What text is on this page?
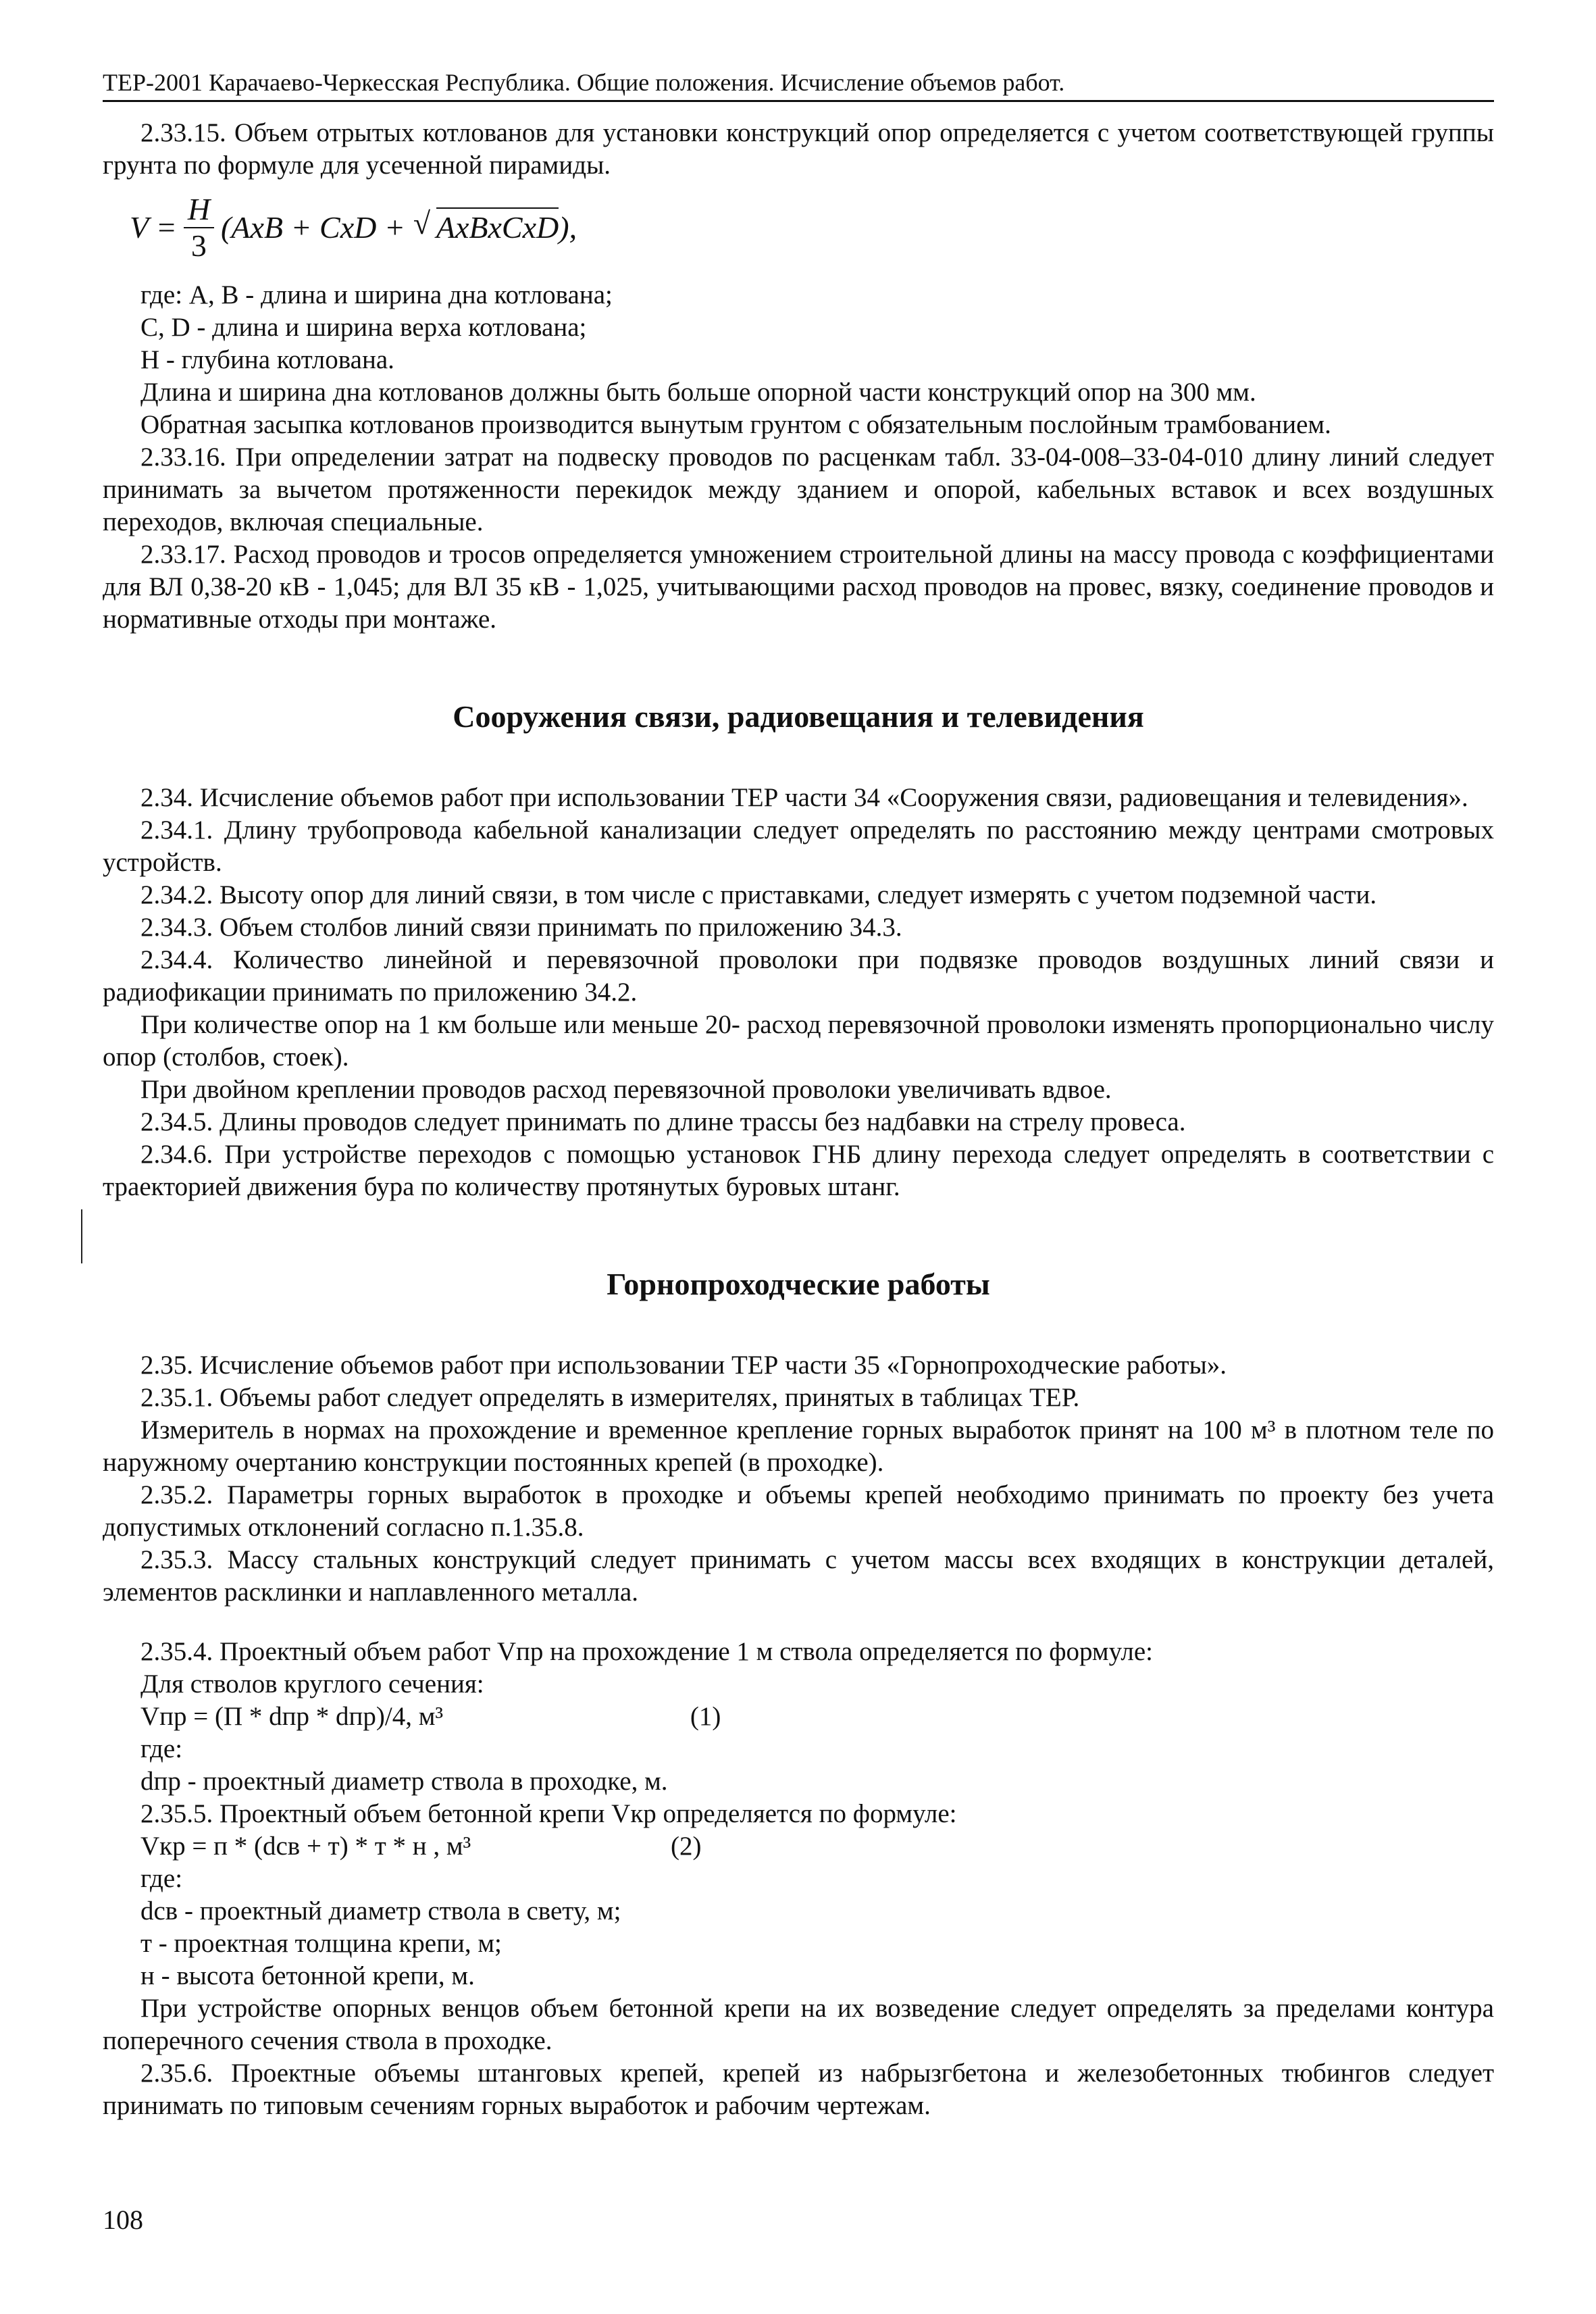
ТЕР-2001 Карачаево-Черкесская Республика. Общие положения. Исчисление объемов работ.

2.33.15. Объем отрытых котлованов для установки конструкций опор определяется с учетом соответствующей группы грунта по формуле для усеченной пирамиды.

$V = \frac{H}{3} (AxB$ + CxD + √ AxBxCxD ),

где: А, В - длина и ширина дна котлована;

С, D - длина и ширина верха котлована;

Н - глубина котлована.

Длина и ширина дна котлованов должны быть больше опорной части конструкций опор на 300 мм.

Обратная засыпка котлованов производится вынутым грунтом с обязательным послойным трамбованием.

2.33.16. При определении затрат на подвеску проводов по расценкам табл. 33-04-008–33-04-010 длину линий следует принимать за вычетом протяженности перекидок между зданием и опорой, кабельных вставок и всех воздушных переходов, включая специальные.

2.33.17. Расход проводов и тросов определяется умножением строительной длины на массу провода с коэффициентами для ВЛ 0,38-20 кВ - 1,045; для ВЛ 35 кВ - 1,025, учитывающими расход проводов на провес, вязку, соединение проводов и нормативные отходы при монтаже.

Сооружения связи, радиовещания и телевидения

2.34. Исчисление объемов работ при использовании ТЕР части 34 «Сооружения связи, радиовещания и телевидения».

2.34.1. Длину трубопровода кабельной канализации следует определять по расстоянию между центрами смотровых устройств.

2.34.2. Высоту опор для линий связи, в том числе с приставками, следует измерять с учетом подземной части.

2.34.3. Объем столбов линий связи принимать по приложению 34.3.

2.34.4. Количество линейной и перевязочной проволоки при подвязке проводов воздушных линий связи и радиофикации принимать по приложению 34.2.

При количестве опор на 1 км больше или меньше 20- расход перевязочной проволоки изменять пропорционально числу опор (столбов, стоек).

При двойном креплении проводов расход перевязочной проволоки увеличивать вдвое.

2.34.5. Длины проводов следует принимать по длине трассы без надбавки на стрелу провеса.

2.34.6. При устройстве переходов с помощью установок ГНБ длину перехода следует определять в соответствии с траекторией движения бура по количеству протянутых буровых штанг.

Горнопроходческие работы

2.35. Исчисление объемов работ при использовании ТЕР части 35 «Горнопроходческие работы».

2.35.1. Объемы работ следует определять в измерителях, принятых в таблицах ТЕР.

Измеритель в нормах на прохождение и временное крепление горных выработок принят на 100 м³ в плотном теле по наружному очертанию конструкции постоянных крепей (в проходке).

2.35.2. Параметры горных выработок в проходке и объемы крепей необходимо принимать по проекту без учета допустимых отклонений согласно п.1.35.8.

2.35.3. Массу стальных конструкций следует принимать с учетом массы всех входящих в конструкции деталей, элементов расклинки и наплавленного металла.

2.35.4. Проектный объем работ Vпр на прохождение 1 м ствола определяется по формуле:

Для стволов круглого сечения:

Vпр = (П * dпр * dпр)/4, м³	(1)

где:

dпр - проектный диаметр ствола в проходке, м.

2.35.5. Проектный объем бетонной крепи Vкр определяется по формуле:

Vкр = п * (dсв + т) * т * н , м³	(2)

где:

dсв - проектный диаметр ствола в свету, м;

т - проектная толщина крепи, м;

н - высота бетонной крепи, м.

При устройстве опорных венцов объем бетонной крепи на их возведение следует определять за пределами контура поперечного сечения ствола в проходке.

2.35.6. Проектные объемы штанговых крепей, крепей из набрызгбетона и железобетонных тюбингов следует принимать по типовым сечениям горных выработок и рабочим чертежам.

108
